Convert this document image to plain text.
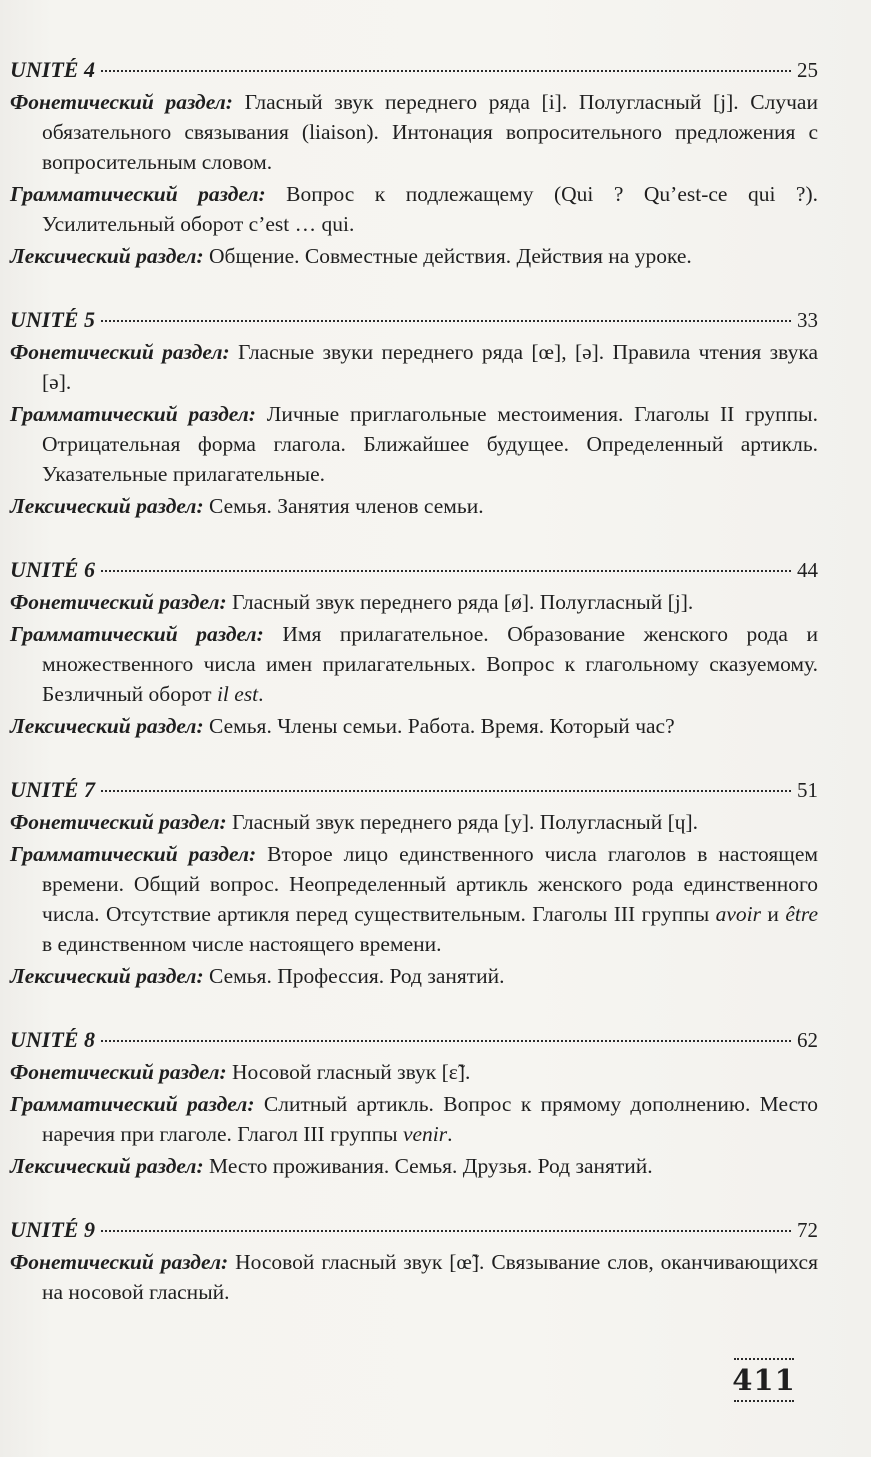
UNITÉ 4	25

Фонетический раздел: Гласный звук переднего ряда [i]. Полугласный [j]. Случаи обязательного связывания (liaison). Интонация вопросительного предложения с вопросительным словом.

Грамматический раздел: Вопрос к подлежащему (Qui ? Qu’est-ce qui ?). Усилительный оборот c’est … qui.

Лексический раздел: Общение. Совместные действия. Действия на уроке.

UNITÉ 5	33

Фонетический раздел: Гласные звуки переднего ряда [œ], [ə]. Правила чтения звука [ə].

Грамматический раздел: Личные приглагольные местоимения. Глаголы II группы. Отрицательная форма глагола. Ближайшее будущее. Определенный артикль. Указательные прилагательные.

Лексический раздел: Семья. Занятия членов семьи.

UNITÉ 6	44

Фонетический раздел: Гласный звук переднего ряда [ø]. Полугласный [j].

Грамматический раздел: Имя прилагательное. Образование женского рода и множественного числа имен прилагательных. Вопрос к глагольному сказуемому. Безличный оборот il est.

Лексический раздел: Семья. Члены семьи. Работа. Время. Который час?

UNITÉ 7	51

Фонетический раздел: Гласный звук переднего ряда [y]. Полугласный [ɥ].

Грамматический раздел: Второе лицо единственного числа глаголов в настоящем времени. Общий вопрос. Неопределенный артикль женского рода единственного числа. Отсутствие артикля перед существительным. Глаголы III группы avoir и être в единственном числе настоящего времени.

Лексический раздел: Семья. Профессия. Род занятий.

UNITÉ 8	62

Фонетический раздел: Носовой гласный звук [ɛ̃].

Грамматический раздел: Слитный артикль. Вопрос к прямому дополнению. Место наречия при глаголе. Глагол III группы venir.

Лексический раздел: Место проживания. Семья. Друзья. Род занятий.

UNITÉ 9	72

Фонетический раздел: Носовой гласный звук [œ̃]. Связывание слов, оканчивающихся на носовой гласный.

411
